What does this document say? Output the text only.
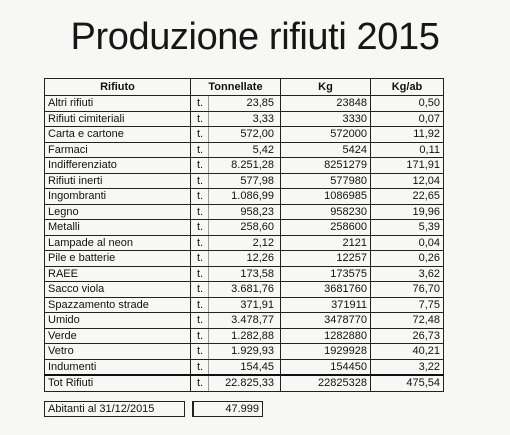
Produzione rifiuti 2015
Rifiuto	Tonnellate	Kg	Kg/ab
Altri rifiuti	t. 23,85	23848	0,50
Rifiuti cimiteriali	t. 3,33	3330	0,07
Carta e cartone	t. 572,00	572000	11,92
Farmaci	t. 5,42	5424	0,11
Indifferenziato	t. 8.251,28	8251279	171,91
Rifiuti inerti	t. 577,98	577980	12,04
Ingombranti	t. 1.086,99	1086985	22,65
Legno	t. 958,23	958230	19,96
Metalli	t. 258,60	258600	5,39
Lampade al neon	t. 2,12	2121	0,04
Pile e batterie	t. 12,26	12257	0,26
RAEE	t. 173,58	173575	3,62
Sacco viola	t. 3.681,76	3681760	76,70
Spazzamento strade	t. 371,91	371911	7,75
Umido	t. 3.478,77	3478770	72,48
Verde	t. 1.282,88	1282880	26,73
Vetro	t. 1.929,93	1929928	40,21
Indumenti	t. 154,45	154450	3,22
Tot Rifiuti	t. 22.825,33	22825328	475,54
Abitanti al 31/12/2015		47.999
